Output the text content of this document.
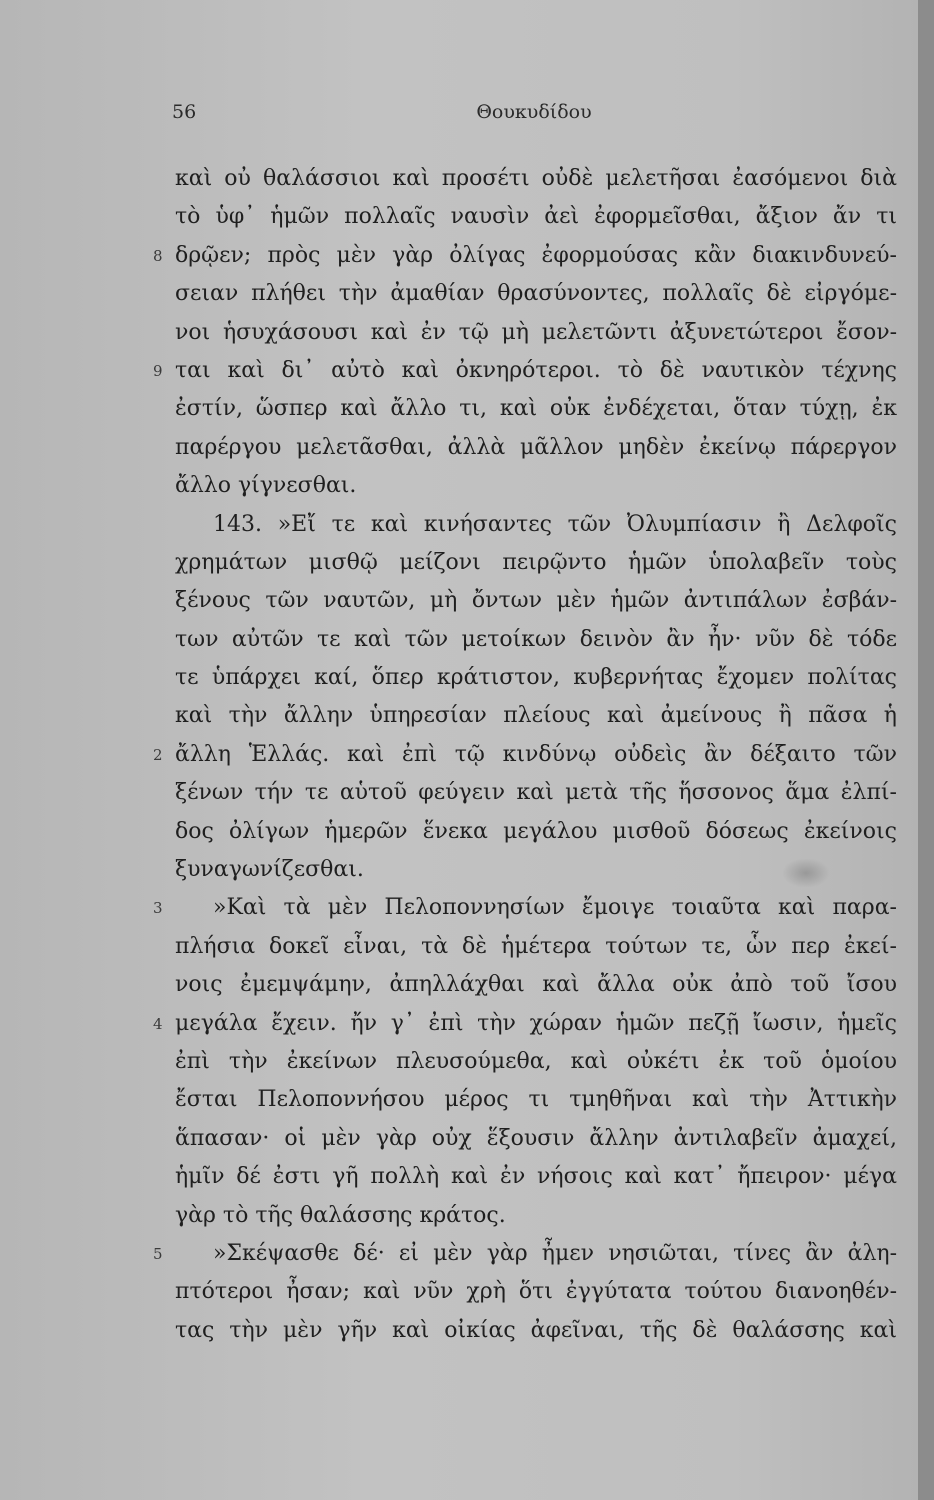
56	Θουκυδίδου
καὶ οὐ θαλάσσιοι καὶ προσέτι οὐδὲ μελετῆσαι ἐασόμενοι διὰ
τὸ ὑφ᾽ ἡμῶν πολλαῖς ναυσὶν ἀεὶ ἐφορμεῖσθαι, ἄξιον ἄν τι
8 δρῷεν; πρὸς μὲν γὰρ ὀλίγας ἐφορμούσας κἂν διακινδυνεύ-
σειαν πλήθει τὴν ἀμαθίαν θρασύνοντες, πολλαῖς δὲ εἰργόμε-
νοι ἡσυχάσουσι καὶ ἐν τῷ μὴ μελετῶντι ἀξυνετώτεροι ἔσον-
9 ται καὶ δι᾽ αὐτὸ καὶ ὀκνηρότεροι. τὸ δὲ ναυτικὸν τέχνης
ἐστίν, ὥσπερ καὶ ἄλλο τι, καὶ οὐκ ἐνδέχεται, ὅταν τύχῃ, ἐκ
παρέργου μελετᾶσθαι, ἀλλὰ μᾶλλον μηδὲν ἐκείνῳ πάρεργον
ἄλλο γίγνεσθαι.
143. »Εἴ τε καὶ κινήσαντες τῶν Ὀλυμπίασιν ἢ Δελφοῖς
χρημάτων μισθῷ μείζονι πειρῷντο ἡμῶν ὑπολαβεῖν τοὺς
ξένους τῶν ναυτῶν, μὴ ὄντων μὲν ἡμῶν ἀντιπάλων ἐσβάν-
των αὐτῶν τε καὶ τῶν μετοίκων δεινὸν ἂν ἦν· νῦν δὲ τόδε
τε ὑπάρχει καί, ὅπερ κράτιστον, κυβερνήτας ἔχομεν πολίτας
καὶ τὴν ἄλλην ὑπηρεσίαν πλείους καὶ ἀμείνους ἢ πᾶσα ἡ
2 ἄλλη Ἑλλάς. καὶ ἐπὶ τῷ κινδύνῳ οὐδεὶς ἂν δέξαιτο τῶν
ξένων τήν τε αὑτοῦ φεύγειν καὶ μετὰ τῆς ἥσσονος ἅμα ἐλπί-
δος ὀλίγων ἡμερῶν ἕνεκα μεγάλου μισθοῦ δόσεως ἐκείνοις
ξυναγωνίζεσθαι.
3	»Καὶ τὰ μὲν Πελοποννησίων ἔμοιγε τοιαῦτα καὶ παρα-
πλήσια δοκεῖ εἶναι, τὰ δὲ ἡμέτερα τούτων τε, ὧν περ ἐκεί-
νοις ἐμεμψάμην, ἀπηλλάχθαι καὶ ἄλλα οὐκ ἀπὸ τοῦ ἴσου
4 μεγάλα ἔχειν. ἤν γ᾽ ἐπὶ τὴν χώραν ἡμῶν πεζῇ ἴωσιν, ἡμεῖς
ἐπὶ τὴν ἐκείνων πλευσούμεθα, καὶ οὐκέτι ἐκ τοῦ ὁμοίου
ἔσται Πελοποννήσου μέρος τι τμηθῆναι καὶ τὴν Ἀττικὴν
ἅπασαν· οἱ μὲν γὰρ οὐχ ἕξουσιν ἄλλην ἀντιλαβεῖν ἀμαχεί,
ἡμῖν δέ ἐστι γῆ πολλὴ καὶ ἐν νήσοις καὶ κατ᾽ ἤπειρον· μέγα
γὰρ τὸ τῆς θαλάσσης κράτος.
5	»Σκέψασθε δέ· εἰ μὲν γὰρ ἦμεν νησιῶται, τίνες ἂν ἀλη-
πτότεροι ἦσαν; καὶ νῦν χρὴ ὅτι ἐγγύτατα τούτου διανοηθέν-
τας τὴν μὲν γῆν καὶ οἰκίας ἀφεῖναι, τῆς δὲ θαλάσσης καὶ
